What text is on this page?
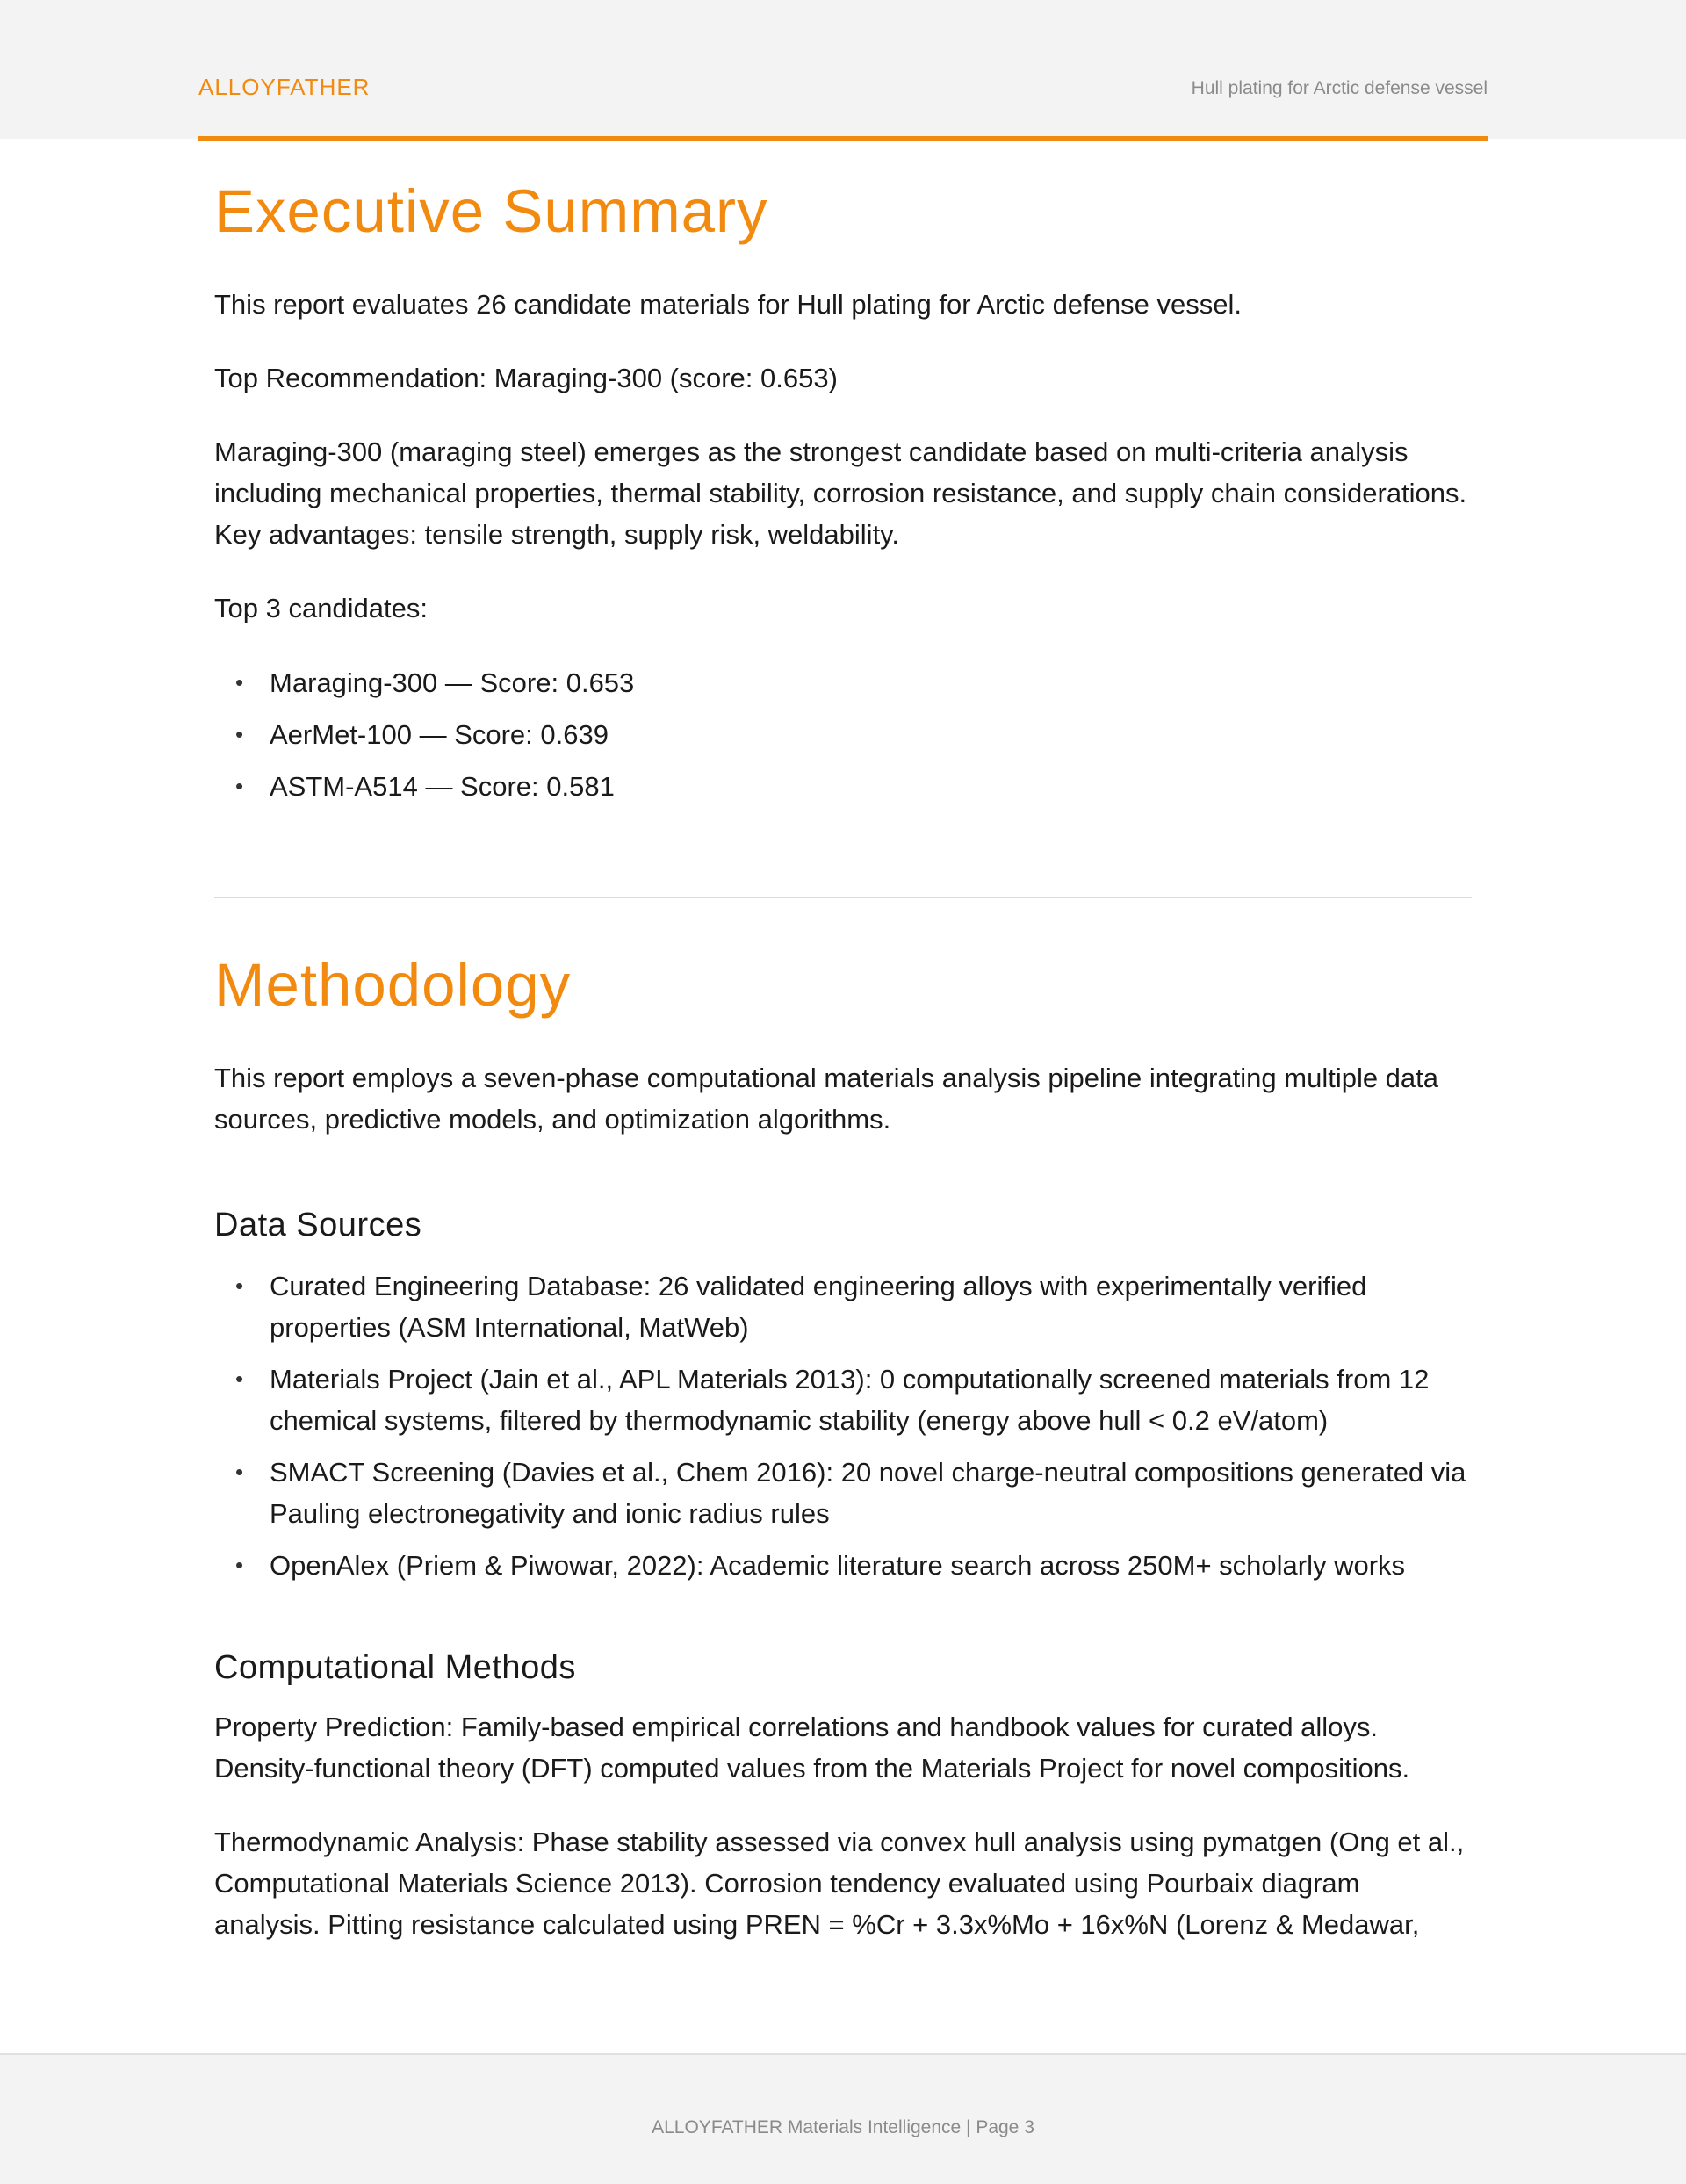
ALLOYFATHER	Hull plating for Arctic defense vessel
Executive Summary

This report evaluates 26 candidate materials for Hull plating for Arctic defense vessel.

Top Recommendation: Maraging-300 (score: 0.653)

Maraging-300 (maraging steel) emerges as the strongest candidate based on multi-criteria analysis including mechanical properties, thermal stability, corrosion resistance, and supply chain considerations. Key advantages: tensile strength, supply risk, weldability.

Top 3 candidates:

• Maraging-300 — Score: 0.653
• AerMet-100 — Score: 0.639
• ASTM-A514 — Score: 0.581
Methodology

This report employs a seven-phase computational materials analysis pipeline integrating multiple data sources, predictive models, and optimization algorithms.

Data Sources
• Curated Engineering Database: 26 validated engineering alloys with experimentally verified properties (ASM International, MatWeb)
• Materials Project (Jain et al., APL Materials 2013): 0 computationally screened materials from 12 chemical systems, filtered by thermodynamic stability (energy above hull < 0.2 eV/atom)
• SMACT Screening (Davies et al., Chem 2016): 20 novel charge-neutral compositions generated via Pauling electronegativity and ionic radius rules
• OpenAlex (Priem & Piwowar, 2022): Academic literature search across 250M+ scholarly works
Computational Methods

Property Prediction: Family-based empirical correlations and handbook values for curated alloys. Density-functional theory (DFT) computed values from the Materials Project for novel compositions.

Thermodynamic Analysis: Phase stability assessed via convex hull analysis using pymatgen (Ong et al., Computational Materials Science 2013). Corrosion tendency evaluated using Pourbaix diagram analysis. Pitting resistance calculated using PREN = %Cr + 3.3x%Mo + 16x%N (Lorenz & Medawar,

ALLOYFATHER Materials Intelligence | Page 3
